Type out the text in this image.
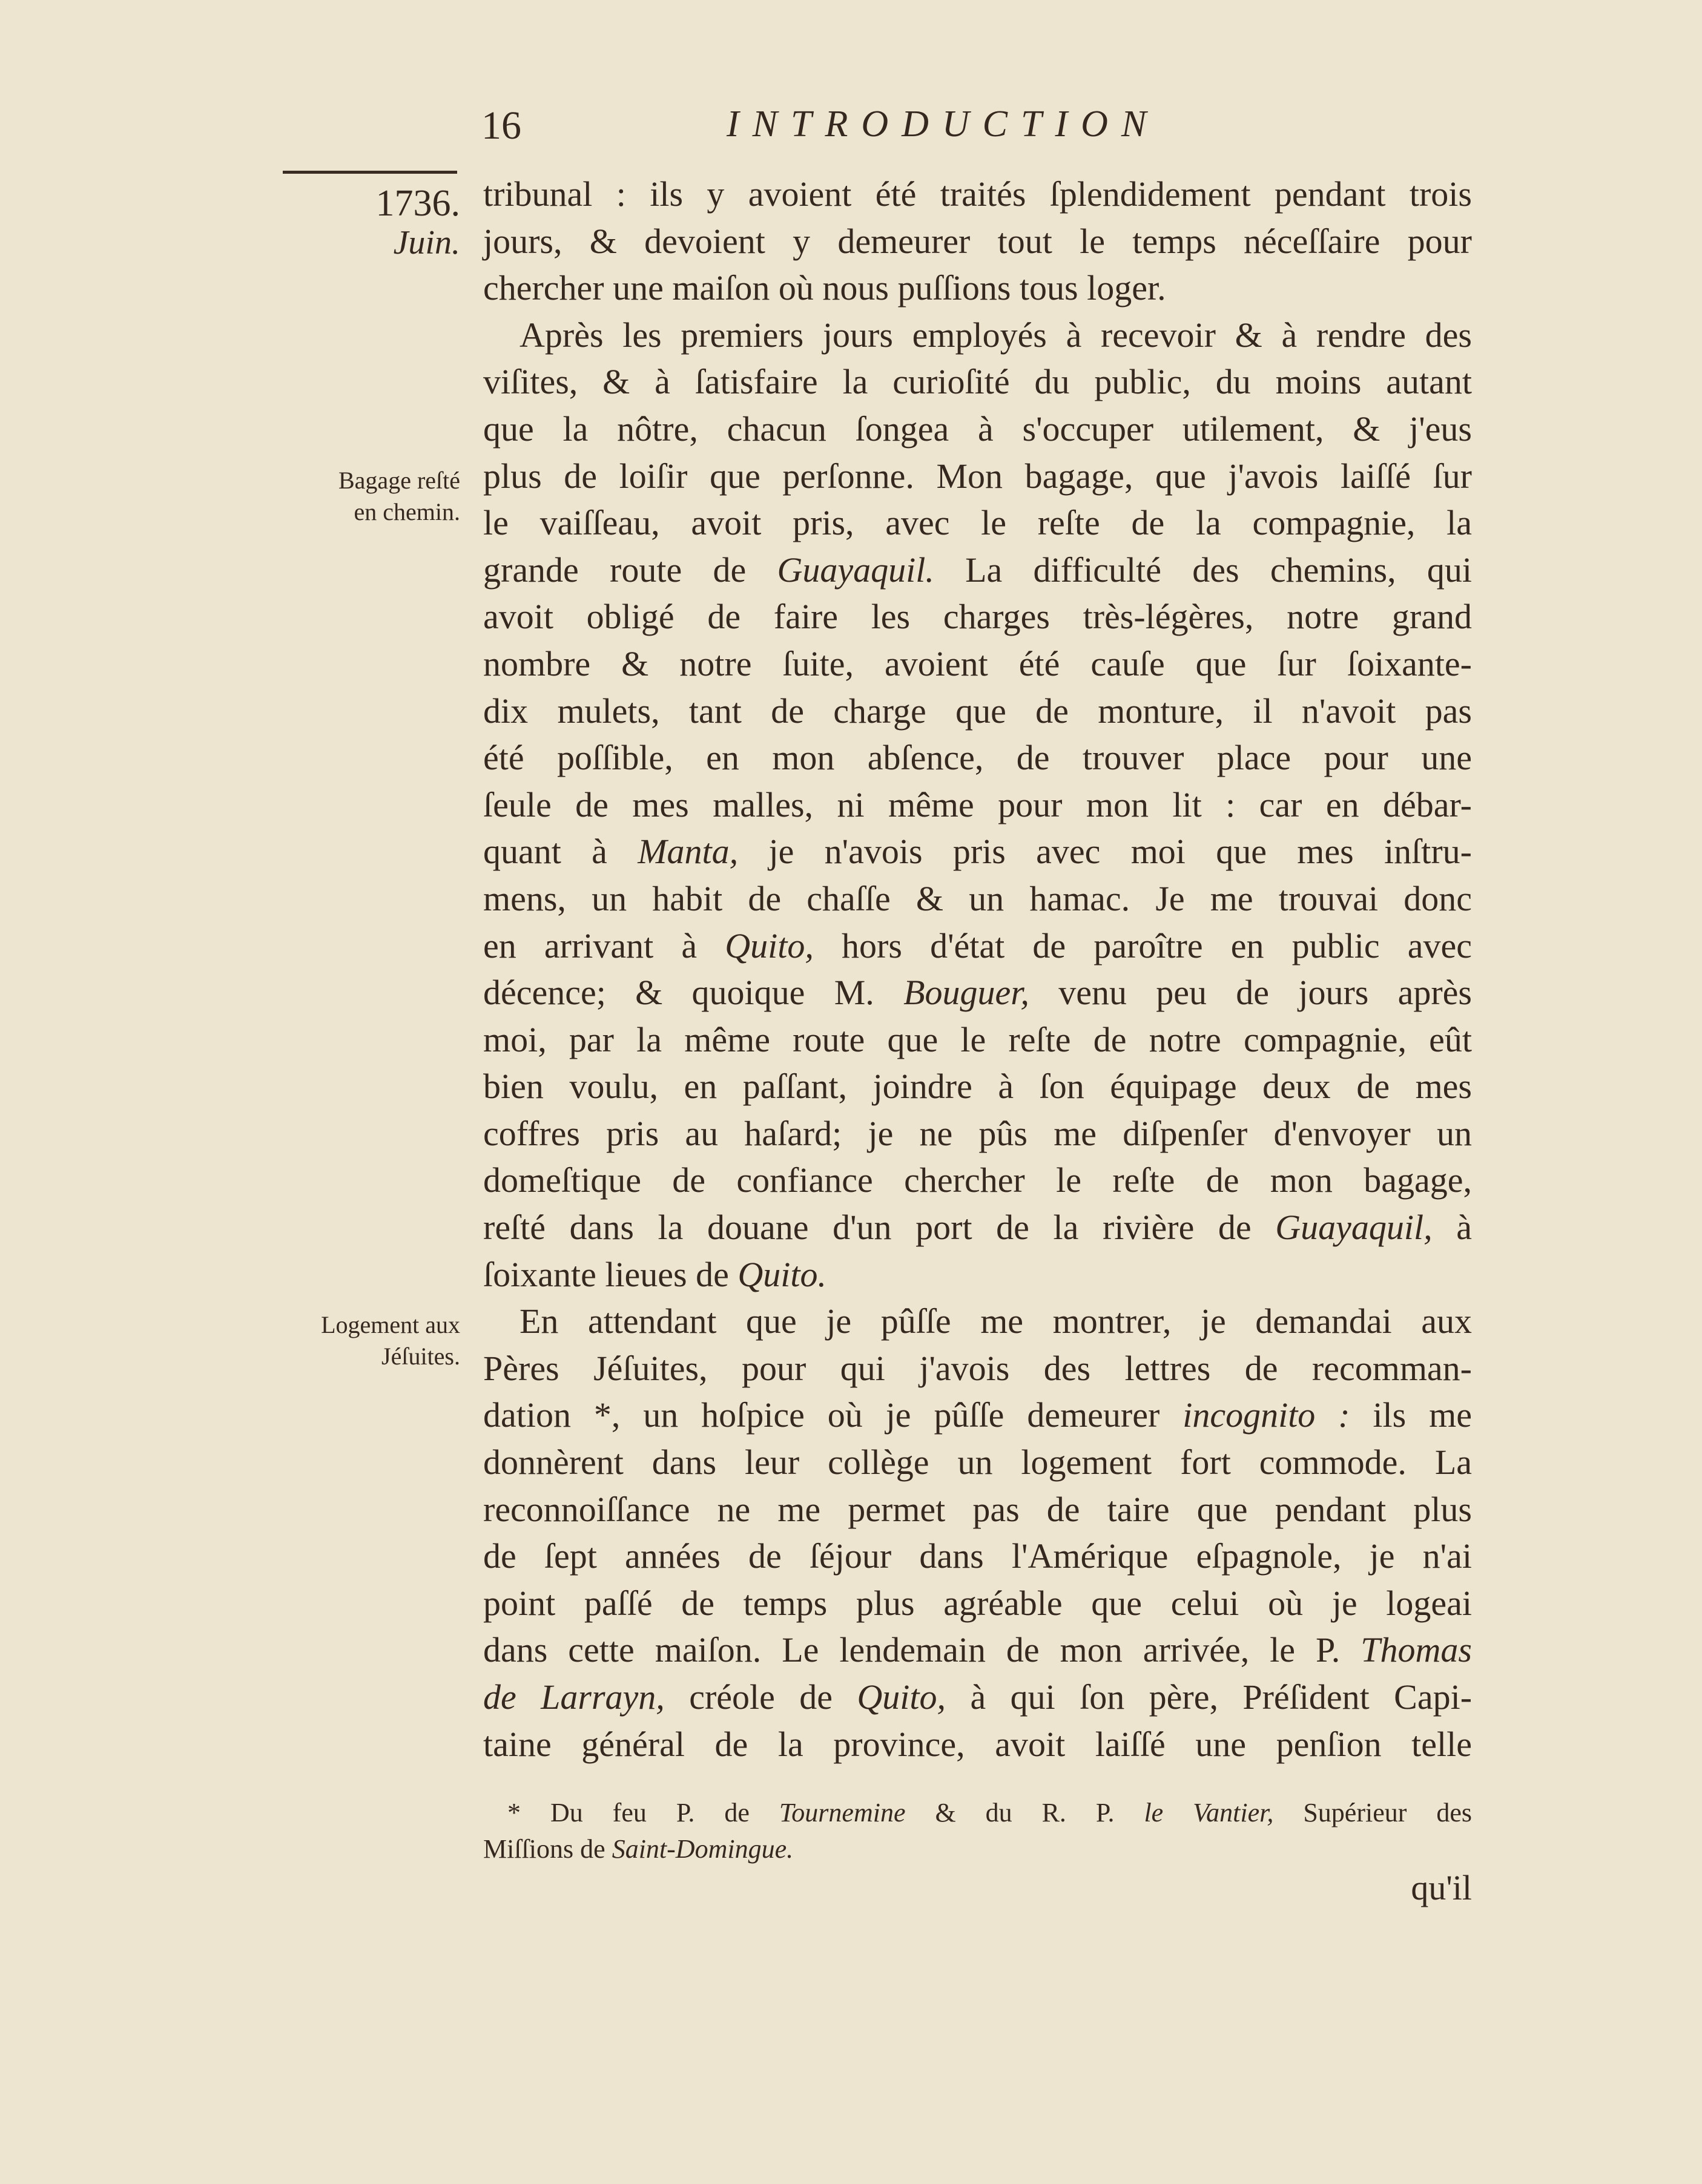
16	INTRODUCTION
1736.
Juin.
Bagage reſté
en chemin.
Logement aux
Jéſuites.
tribunal : ils y avoient été traités ſplendidement pendant trois
jours, & devoient y demeurer tout le temps néceſſaire pour
chercher une maiſon où nous puſſions tous loger.
Après les premiers jours employés à recevoir & à rendre des
viſites, & à ſatisfaire la curioſité du public, du moins autant
que la nôtre, chacun ſongea à s'occuper utilement, & j'eus
plus de loiſir que perſonne. Mon bagage, que j'avois laiſſé ſur
le vaiſſeau, avoit pris, avec le reſte de la compagnie, la
grande route de Guayaquil. La difficulté des chemins, qui
avoit obligé de faire les charges très-légères, notre grand
nombre & notre ſuite, avoient été cauſe que ſur ſoixante-
dix mulets, tant de charge que de monture, il n'avoit pas
été poſſible, en mon abſence, de trouver place pour une
ſeule de mes malles, ni même pour mon lit : car en débar-
quant à Manta, je n'avois pris avec moi que mes inſtru-
mens, un habit de chaſſe & un hamac. Je me trouvai donc
en arrivant à Quito, hors d'état de paroître en public avec
décence; & quoique M. Bouguer, venu peu de jours après
moi, par la même route que le reſte de notre compagnie, eût
bien voulu, en paſſant, joindre à ſon équipage deux de mes
coffres pris au haſard; je ne pûs me diſpenſer d'envoyer un
domeſtique de confiance chercher le reſte de mon bagage,
reſté dans la douane d'un port de la rivière de Guayaquil, à
ſoixante lieues de Quito.
En attendant que je pûſſe me montrer, je demandai aux
Pères Jéſuites, pour qui j'avois des lettres de recomman-
dation *, un hoſpice où je pûſſe demeurer incognito : ils me
donnèrent dans leur collège un logement fort commode. La
reconnoiſſance ne me permet pas de taire que pendant plus
de ſept années de ſéjour dans l'Amérique eſpagnole, je n'ai
point paſſé de temps plus agréable que celui où je logeai
dans cette maiſon. Le lendemain de mon arrivée, le P. Thomas
de Larrayn, créole de Quito, à qui ſon père, Préſident Capi-
taine général de la province, avoit laiſſé une penſion telle
* Du feu P. de Tournemine & du R. P. le Vantier, Supérieur des
Miſſions de Saint-Domingue.
qu'il
